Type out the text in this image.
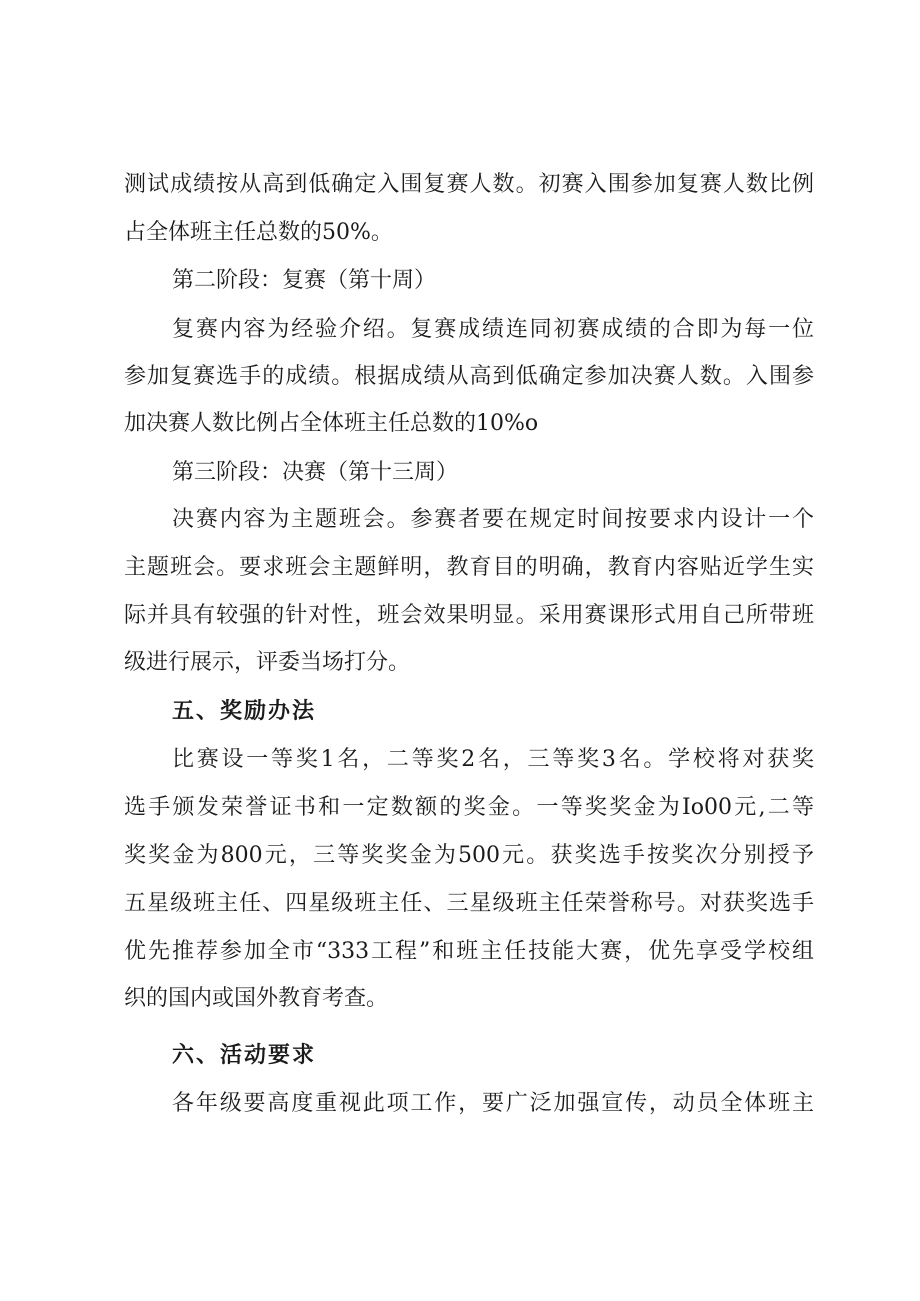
测试成绩按从高到低确定入围复赛人数。初赛入围参加复赛人数比例

占全体班主任总数的50%。

第二阶段：复赛（第十周）

复赛内容为经验介绍。复赛成绩连同初赛成绩的合即为每一位

参加复赛选手的成绩。根据成绩从高到低确定参加决赛人数。入围参

加决赛人数比例占全体班主任总数的10%o

第三阶段：决赛（第十三周）

决赛内容为主题班会。参赛者要在规定时间按要求内设计一个

主题班会。要求班会主题鲜明，教育目的明确，教育内容贴近学生实

际并具有较强的针对性，班会效果明显。采用赛课形式用自己所带班

级进行展示，评委当场打分。

五、奖励办法

比赛设一等奖1名，二等奖2名，三等奖3名。学校将对获奖

选手颁发荣誉证书和一定数额的奖金。一等奖奖金为Io00元,二等

奖奖金为800元，三等奖奖金为500元。获奖选手按奖次分别授予

五星级班主任、四星级班主任、三星级班主任荣誉称号。对获奖选手

优先推荐参加全市“333工程”和班主任技能大赛，优先享受学校组

织的国内或国外教育考查。

六、活动要求

各年级要高度重视此项工作，要广泛加强宣传，动员全体班主
